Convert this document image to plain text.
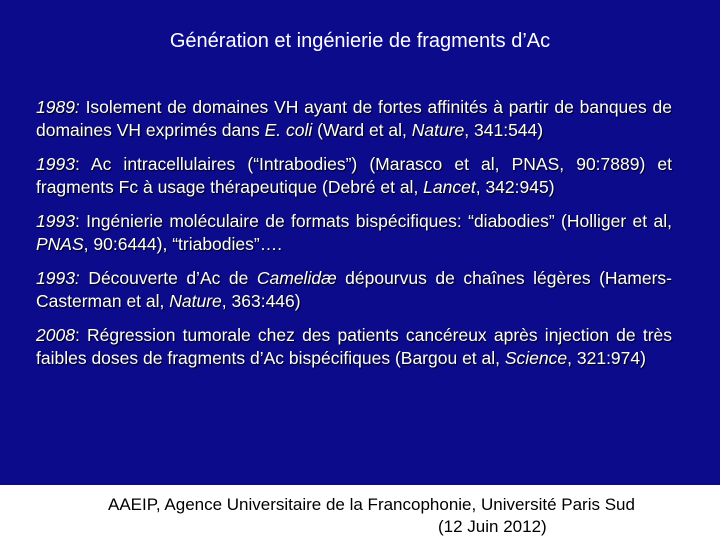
Génération et ingénierie de fragments d’Ac

1989: Isolement de domaines VH ayant de fortes affinités à partir de banques de domaines VH exprimés dans E. coli (Ward et al, Nature, 341:544)

1993: Ac intracellulaires (“Intrabodies”) (Marasco et al, PNAS, 90:7889) et fragments Fc à usage thérapeutique (Debré et al, Lancet, 342:945)

1993: Ingénierie moléculaire de formats bispécifiques: “diabodies” (Holliger et al, PNAS, 90:6444), “triabodies”….

1993: Découverte d’Ac de Camelidæ dépourvus de chaînes légères (Hamers-Casterman et al, Nature, 363:446)

2008: Régression tumorale chez des patients cancéreux après injection de très faibles doses de fragments d’Ac bispécifiques (Bargou et al, Science, 321:974)

AAEIP, Agence Universitaire de la Francophonie, Université Paris Sud
(12 Juin 2012)
